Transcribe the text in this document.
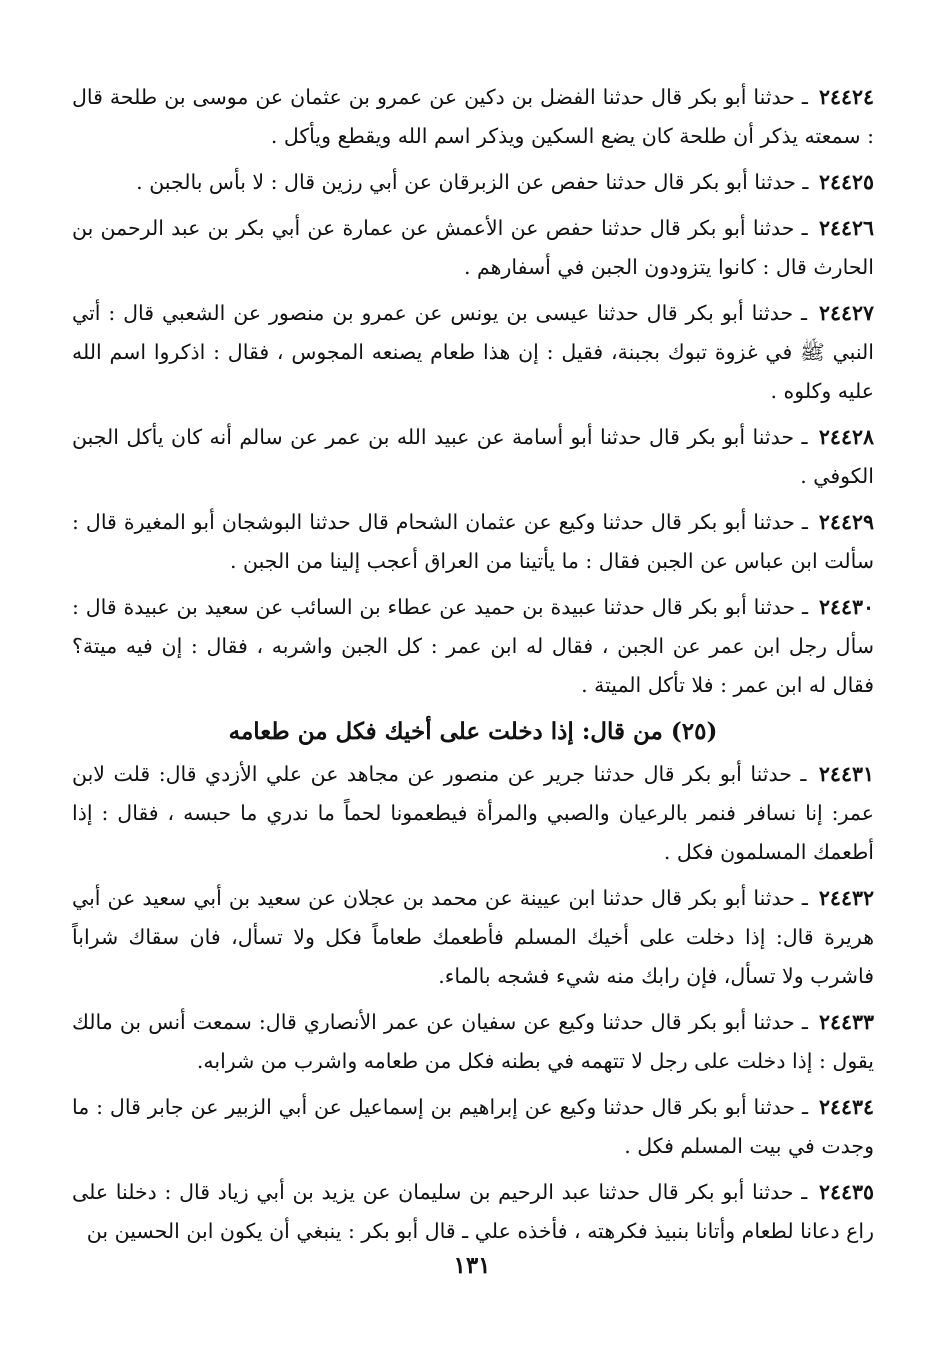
٢٤٤٢٤ ـ حدثنا أبو بكر قال حدثنا الفضل بن دكين عن عمرو بن عثمان عن موسى بن طلحة قال : سمعته يذكر أن طلحة كان يضع السكين ويذكر اسم الله ويقطع ويأكل .

٢٤٤٢٥ ـ حدثنا أبو بكر قال حدثنا حفص عن الزبرقان عن أبي رزين قال : لا بأس بالجبن .

٢٤٤٢٦ ـ حدثنا أبو بكر قال حدثنا حفص عن الأعمش عن عمارة عن أبي بكر بن عبد الرحمن بن الحارث قال : كانوا يتزودون الجبن في أسفارهم .

٢٤٤٢٧ ـ حدثنا أبو بكر قال حدثنا عيسى بن يونس عن عمرو بن منصور عن الشعبي قال : أتي النبي ﷺ في غزوة تبوك بجبنة، فقيل : إن هذا طعام يصنعه المجوس ، فقال : اذكروا اسم الله عليه وكلوه .

٢٤٤٢٨ ـ حدثنا أبو بكر قال حدثنا أبو أسامة عن عبيد الله بن عمر عن سالم أنه كان يأكل الجبن الكوفي .

٢٤٤٢٩ ـ حدثنا أبو بكر قال حدثنا وكيع عن عثمان الشحام قال حدثنا البوشجان أبو المغيرة قال : سألت ابن عباس عن الجبن فقال : ما يأتينا من العراق أعجب إلينا من الجبن .

٢٤٤٣٠ ـ حدثنا أبو بكر قال حدثنا عبيدة بن حميد عن عطاء بن السائب عن سعيد بن عبيدة قال : سأل رجل ابن عمر عن الجبن ، فقال له ابن عمر : كل الجبن واشربه ، فقال : إن فيه ميتة؟ فقال له ابن عمر : فلا تأكل الميتة .

(٢٥) من قال: إذا دخلت على أخيك فكل من طعامه

٢٤٤٣١ ـ حدثنا أبو بكر قال حدثنا جرير عن منصور عن مجاهد عن علي الأزدي قال: قلت لابن عمر: إنا نسافر فنمر بالرعيان والصبي والمرأة فيطعمونا لحماً ما ندري ما حبسه ، فقال : إذا أطعمك المسلمون فكل .

٢٤٤٣٢ ـ حدثنا أبو بكر قال حدثنا ابن عيينة عن محمد بن عجلان عن سعيد بن أبي سعيد عن أبي هريرة قال: إذا دخلت على أخيك المسلم فأطعمك طعاماً فكل ولا تسأل، فان سقاك شراباً فاشرب ولا تسأل، فإن رابك منه شيء فشجه بالماء.

٢٤٤٣٣ ـ حدثنا أبو بكر قال حدثنا وكيع عن سفيان عن عمر الأنصاري قال: سمعت أنس بن مالك يقول : إذا دخلت على رجل لا تتهمه في بطنه فكل من طعامه واشرب من شرابه.

٢٤٤٣٤ ـ حدثنا أبو بكر قال حدثنا وكيع عن إبراهيم بن إسماعيل عن أبي الزبير عن جابر قال : ما وجدت في بيت المسلم فكل .

٢٤٤٣٥ ـ حدثنا أبو بكر قال حدثنا عبد الرحيم بن سليمان عن يزيد بن أبي زياد قال : دخلنا على راع دعانا لطعام وأتانا بنبيذ فكرهته ، فأخذه علي ـ قال أبو بكر : ينبغي أن يكون ابن الحسين بن

١٣١
